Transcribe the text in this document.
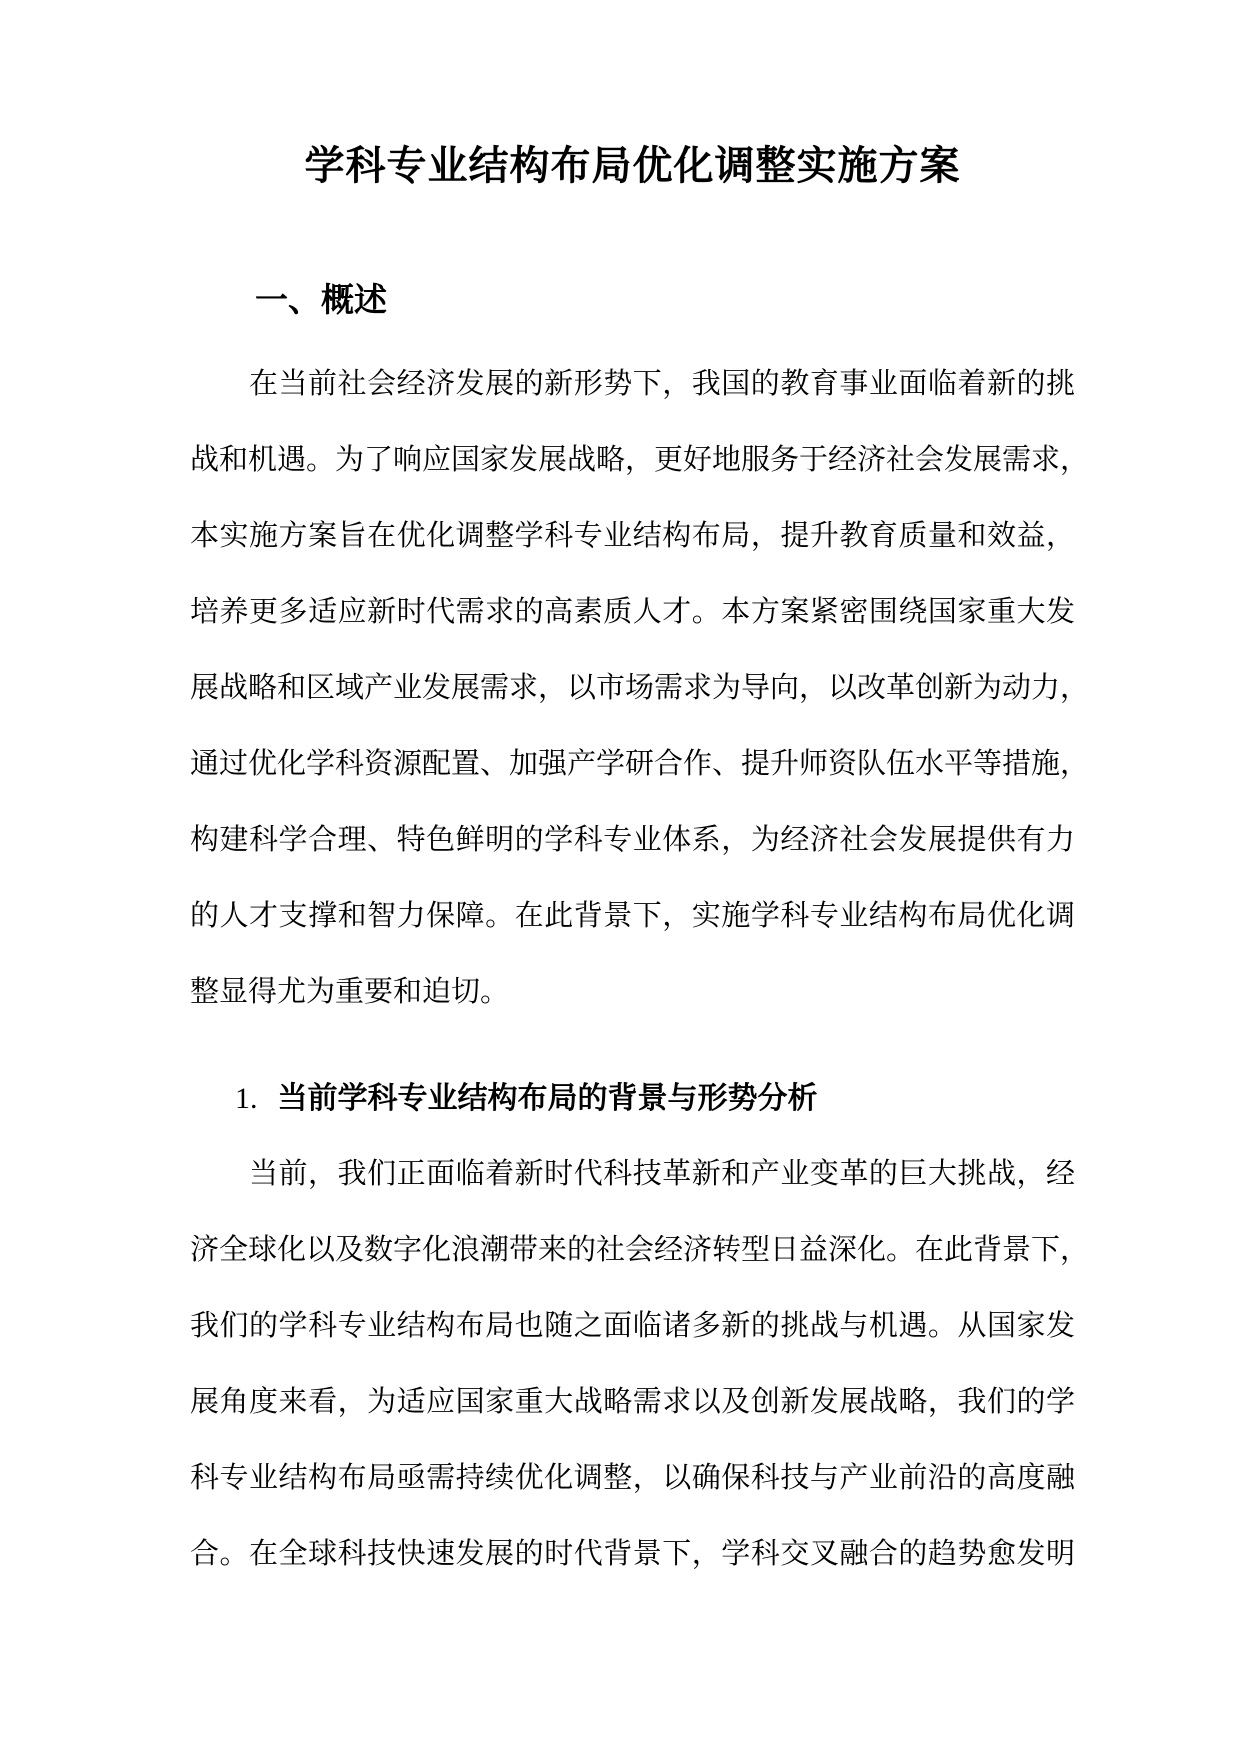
学科专业结构布局优化调整实施方案
一、概述
在当前社会经济发展的新形势下，我国的教育事业面临着新的挑
战和机遇。为了响应国家发展战略，更好地服务于经济社会发展需求，
本实施方案旨在优化调整学科专业结构布局，提升教育质量和效益，
培养更多适应新时代需求的高素质人才。本方案紧密围绕国家重大发
展战略和区域产业发展需求，以市场需求为导向，以改革创新为动力，
通过优化学科资源配置、加强产学研合作、提升师资队伍水平等措施，
构建科学合理、特色鲜明的学科专业体系，为经济社会发展提供有力
的人才支撑和智力保障。在此背景下，实施学科专业结构布局优化调
整显得尤为重要和迫切。
1. 当前学科专业结构布局的背景与形势分析
当前，我们正面临着新时代科技革新和产业变革的巨大挑战，经
济全球化以及数字化浪潮带来的社会经济转型日益深化。在此背景下，
我们的学科专业结构布局也随之面临诸多新的挑战与机遇。从国家发
展角度来看，为适应国家重大战略需求以及创新发展战略，我们的学
科专业结构布局亟需持续优化调整，以确保科技与产业前沿的高度融
合。在全球科技快速发展的时代背景下，学科交叉融合的趋势愈发明
